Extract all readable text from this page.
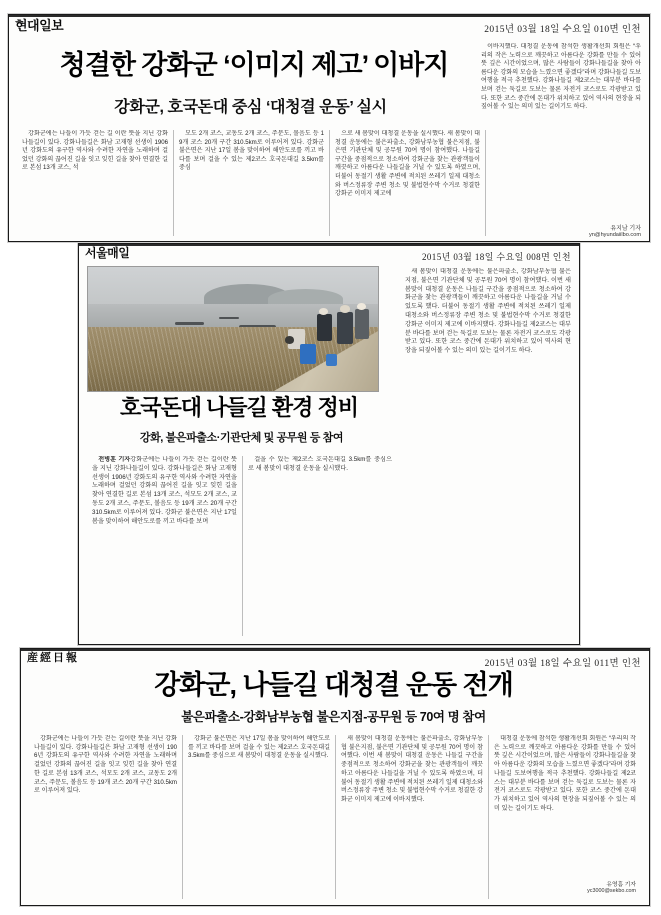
현대일보	2015년 03월 18일 수요일 010면 인천
청결한 강화군 ‘이미지 제고’ 이바지
강화군, 호국돈대 중심 ‘대청결 운동’ 실시

이바지했다. 대청결 운동에 참석한 생활개선회 회원은 “우리의 작은 노력으로 깨끗하고 아름다운 강화를 만들 수 있어 뜻 깊은 시간이었으며, 많은 사람들이 강화나들길을 찾아 아름다운 강화의 모습을 느꼈으면 좋겠다”라며 강화나들길 도보여행을 적극 추천했다. 강화나들길 제2코스는 대부분 바다를 보며 걷는 둑길로 도보는 물론 자전거 코스로도 각광받고 있다. 또한 코스 중간에 돈대가 위치하고 있어 역사의 현장을 되짚어볼 수 있는 의미 있는 길이기도 하다.

유지남 기자
yn@hyundaiilbo.com

강화군에는 나들이 가듯 걷는 길 이란 뜻을 지닌 강화나들길이 있다. 강화나들길은 화남 고재형 선생이 1906년 강화도의 유구한 역사와 수려한 자연을 노래하며 걸었던 강화의 끊어진 길을 잇고 잊힌 길을 찾아 연결한 길로 본섬 13개 코스, 석

모도 2개 코스, 교동도 2개 코스, 주문도, 볼음도 등 19개 코스 20개 구간 310.5km로 이루어져 있다. 강화군 불은면은 지난 17일 봄을 맞이하여 해안도로를 끼고 바다를 보며 걸을 수 있는 제2코스 호국돈대길 3.5km를 중심

으로 새 봄맞이 대청결 운동을 실시했다. 새 봄맞이 대청결 운동에는 불은파출소, 강화남부농협 불은지점, 불은면 기관단체 및 공무원 70여 명이 참여했다. 나들길 구간을 중점적으로 청소하여 강화군을 찾는 관광객들이 깨끗하고 아름다운 나들길을 거닐 수 있도록 하였으며, 더불어 동절기 생활 주변에 적치된 쓰레기 일제 대청소와 버스정류장 주변 청소 및 불법현수막 수거로 청결한 강화군 이미지 제고에

서울매일	2015년 03월 18일 수요일 008면 인천

새 봄맞이 대청결 운동에는 불은파출소, 강화남부농협 불은지점, 불은면 기관단체 및 공무원 70여 명이 참여했다. 이번 새 봄맞이 대청결 운동은 나들길 구간을 중점적으로 청소하여 강화군을 찾는 관광객들이 깨끗하고 아름다운 나들길을 거닐 수 있도록 했다. 더불어 동절기 생활 주변에 적치된 쓰레기 일제 대청소와 버스정류장 주변 청소 및 불법현수막 수거로 청결한 강화군 이미지 제고에 이바지했다. 강화나들길 제2코스는 대부분 바다를 보며 걷는 둑길로 도보는 물론 자전거 코스로도 각광받고 있다. 또한 코스 중간에 돈대가 위치하고 있어 역사의 현장을 되짚어볼 수 있는 의미 있는 길이기도 하다.

호국돈대 나들길 환경 정비
강화, 불은파출소·기관단체 및 공무원 등 참여

전병훈 기자강화군에는 나들이 가듯 걷는 길이란 뜻을 지닌 강화나들길이 있다. 강화나들길은 화남 고재형 선생이 1906년 강화도의 유구한 역사와 수려한 자연을 노래하며 걸었던 강화의 끊어진 길을 잇고 잊힌 길을 찾아 연결한 길로 본섬 13개 코스, 석모도 2개 코스, 교동도 2개 코스, 주문도, 볼음도 등 19개 코스 20개 구간 310.5km로 이루어져 있다. 강화군 불은면은 지난 17일 봄을 맞이하여 해안도로를 끼고 바다를 보며

걸을 수 있는 제2코스 호국돈대길 3.5km를 중심으로 새 봄맞이 대청결 운동을 실시했다.

産經日報	2015년 03월 18일 수요일 011면 인천
강화군, 나들길 대청결 운동 전개
불은파출소-강화남부농협 불은지점-공무원 등 70여 명 참여

강화군에는 나들이 가듯 걷는 길이란 뜻을 지닌 강화나들길이 있다. 강화나들길은 화남 고재형 선생이 1906년 강화도의 유구한 역사와 수려한 자연을 노래하며 걸었던 강화의 끊어진 길을 잇고 잊힌 길을 찾아 연결한 길로 본섬 13개 코스, 석모도 2개 코스, 교동도 2개 코스, 주문도, 볼음도 등 19개 코스 20개 구간 310.5km로 이루어져 있다.

강화군 불은면은 지난 17일 봄을 맞이하여 해안도로를 끼고 바다를 보며 걸을 수 있는 제2코스 호국돈대길 3.5km를 중심으로 새 봄맞이 대청결 운동을 실시했다.

새 봄맞이 대청결 운동에는 불은파출소, 강화남부농협 불은지점, 불은면 기관단체 및 공무원 70여 명이 참여했다. 이번 새 봄맞이 대청결 운동은 나들길 구간을 중점적으로 청소하여 강화군을 찾는 관광객들이 깨끗하고 아름다운 나들길을 거닐 수 있도록 하였으며, 더불어 동절기 생활 주변에 적치된 쓰레기 일제 대청소와 버스정류장 주변 청소 및 불법현수막 수거로 청결한 강화군 이미지 제고에 이바지했다.

대청결 운동에 참석한 생활개선회 회원은 “우리의 작은 노력으로 깨끗하고 아름다운 강화를 만들 수 있어 뜻 깊은 시간이었으며, 많은 사람들이 강화나들길을 찾아 아름다운 강화의 모습을 느꼈으면 좋겠다”라며 강화나들길 도보여행을 적극 추천했다. 강화나들길 제2코스는 대부분 바다를 보며 걷는 둑길로 도보는 물론 자전거 코스로도 각광받고 있다. 또한 코스 중간에 돈대가 위치하고 있어 역사의 현장을 되짚어볼 수 있는 의미 있는 길이기도 하다.

유영흠 기자
yc3000@sekbo.com
